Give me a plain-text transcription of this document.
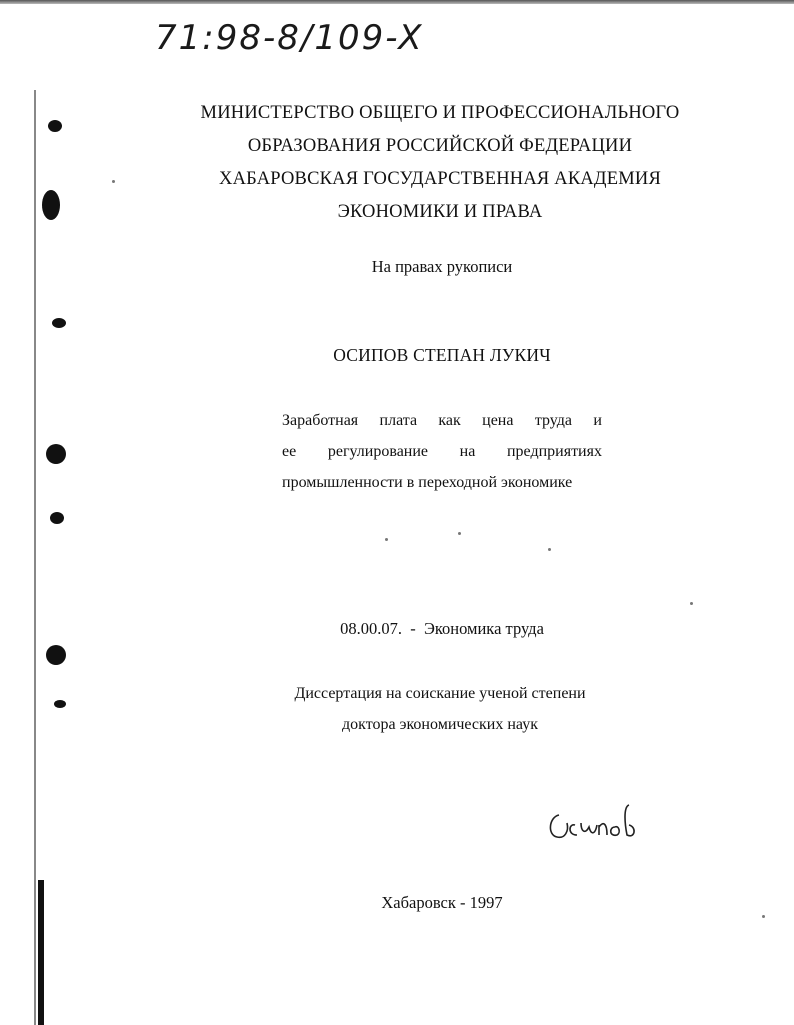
71:98-8/109-X
МИНИСТЕРСТВО ОБЩЕГО И ПРОФЕССИОНАЛЬНОГО
ОБРАЗОВАНИЯ РОССИЙСКОЙ ФЕДЕРАЦИИ
ХАБАРОВСКАЯ ГОСУДАРСТВЕННАЯ АКАДЕМИЯ
ЭКОНОМИКИ И ПРАВА
На правах рукописи
ОСИПОВ СТЕПАН ЛУКИЧ
Заработная плата как цена труда и
ее регулирование на предприятиях
промышленности в переходной экономике
08.00.07. - Экономика труда
Диссертация на соискание ученой степени
доктора экономических наук
Хабаровск - 1997
